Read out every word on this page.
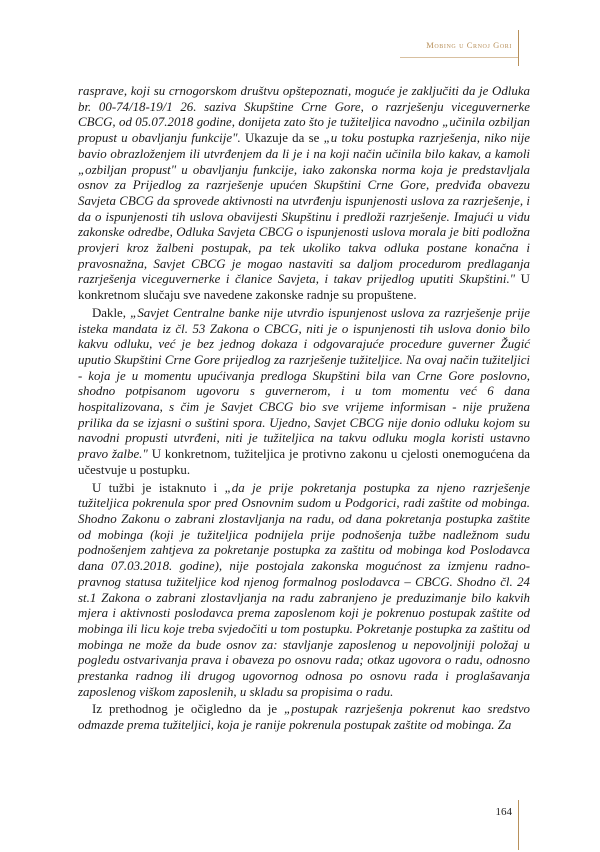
Mobing u Crnoj Gori

rasprave, koji su crnogorskom društvu opštepoznati, moguće je zaključiti da je Odluka br. 00-74/18-19/1 26. saziva Skupštine Crne Gore, o razrješenju viceguvernerke CBCG, od 05.07.2018 godine, donijeta zato što je tužiteljica navodno „učinila ozbiljan propust u obavljanju funkcije". Ukazuje da se „u toku postupka razrješenja, niko nije bavio obrazloženjem ili utvrđenjem da li je i na koji način učinila bilo kakav, a kamoli „ozbiljan propust" u obavljanju funkcije, iako zakonska norma koja je predstavljala osnov za Prijedlog za razrješenje upućen Skupštini Crne Gore, predviđa obavezu Savjeta CBCG da sprovede aktivnosti na utvrđenju ispunjenosti uslova za razrješenje, i da o ispunjenosti tih uslova obavijesti Skupštinu i predloži razrješenje. Imajući u vidu zakonske odredbe, Odluka Savjeta CBCG o ispunjenosti uslova morala je biti podložna provjeri kroz žalbeni postupak, pa tek ukoliko takva odluka postane konačna i pravosnažna, Savjet CBCG je mogao nastaviti sa daljom procedurom predlaganja razrješenja viceguvernerke i članice Savjeta, i takav prijedlog uputiti Skupštini." U konkretnom slučaju sve navedene zakonske radnje su propuštene.

Dakle, „Savjet Centralne banke nije utvrdio ispunjenost uslova za razrješenje prije isteka mandata iz čl. 53 Zakona o CBCG, niti je o ispunjenosti tih uslova donio bilo kakvu odluku, već je bez jednog dokaza i odgovarajuće procedure guverner Žugić uputio Skupštini Crne Gore prijedlog za razrješenje tužiteljice. Na ovaj način tužiteljici - koja je u momentu upućivanja predloga Skupštini bila van Crne Gore poslovno, shodno potpisanom ugovoru s guvernerom, i u tom momentu već 6 dana hospitalizovana, s čim je Savjet CBCG bio sve vrijeme informisan - nije pružena prilika da se izjasni o suštini spora. Ujedno, Savjet CBCG nije donio odluku kojom su navodni propusti utvrđeni, niti je tužiteljica na takvu odluku mogla koristi ustavno pravo žalbe." U konkretnom, tužiteljica je protivno zakonu u cjelosti onemogućena da učestvuje u postupku.

U tužbi je istaknuto i „da je prije pokretanja postupka za njeno razrješenje tužiteljica pokrenula spor pred Osnovnim sudom u Podgorici, radi zaštite od mobinga. Shodno Zakonu o zabrani zlostavljanja na radu, od dana pokretanja postupka zaštite od mobinga (koji je tužiteljica podnijela prije podnošenja tužbe nadležnom sudu podnošenjem zahtjeva za pokretanje postupka za zaštitu od mobinga kod Poslodavca dana 07.03.2018. godine), nije postojala zakonska mogućnost za izmjenu radno-pravnog statusa tužiteljice kod njenog formalnog poslodavca – CBCG. Shodno čl. 24 st.1 Zakona o zabrani zlostavljanja na radu zabranjeno je preduzimanje bilo kakvih mjera i aktivnosti poslodavca prema zaposlenom koji je pokrenuo postupak zaštite od mobinga ili licu koje treba svjedočiti u tom postupku. Pokretanje postupka za zaštitu od mobinga ne može da bude osnov za: stavljanje zaposlenog u nepovoljniji položaj u pogledu ostvarivanja prava i obaveza po osnovu rada; otkaz ugovora o radu, odnosno prestanka radnog ili drugog ugovornog odnosa po osnovu rada i proglašavanja zaposlenog viškom zaposlenih, u skladu sa propisima o radu.

Iz prethodnog je očigledno da je „postupak razrješenja pokrenut kao sredstvo odmazde prema tužiteljici, koja je ranije pokrenula postupak zaštite od mobinga. Za

164
